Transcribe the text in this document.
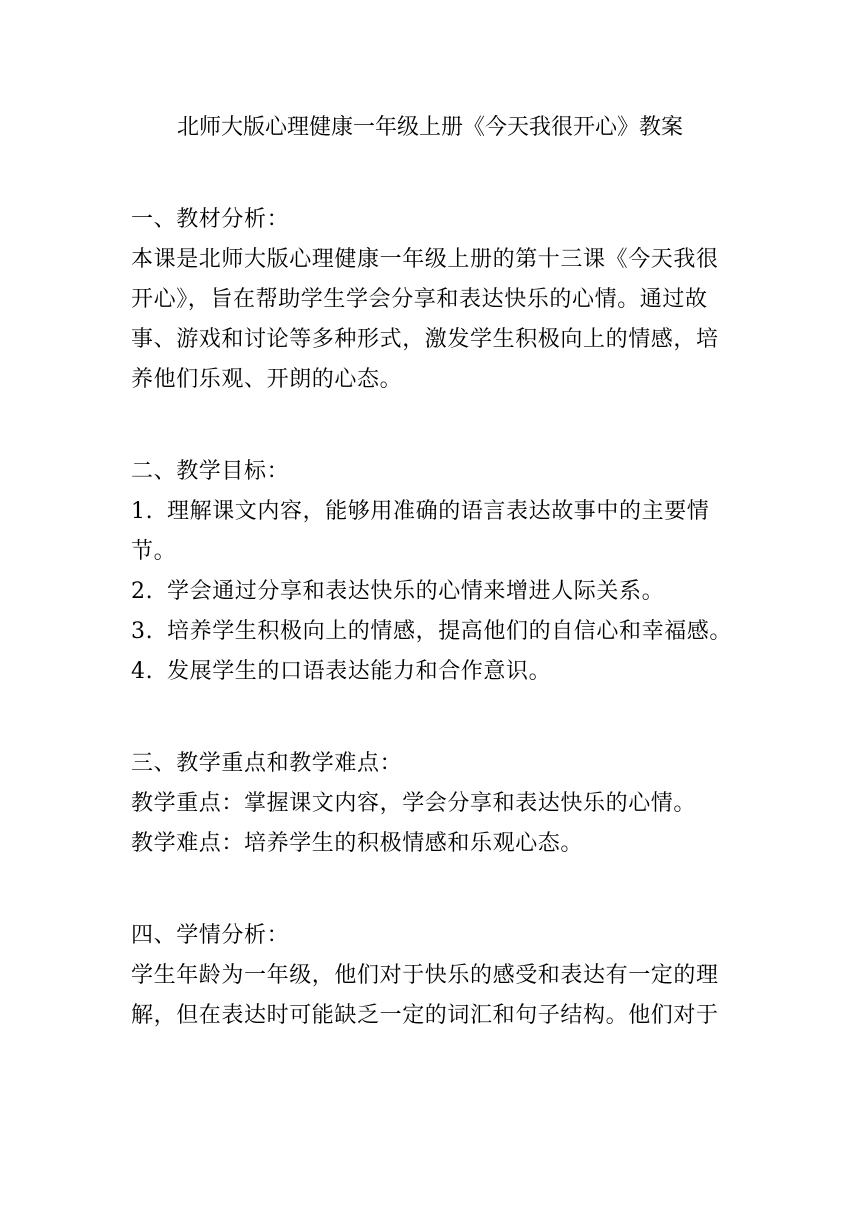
北师大版心理健康一年级上册《今天我很开心》教案

一、教材分析：

本课是北师大版心理健康一年级上册的第十三课《今天我很开心》，旨在帮助学生学会分享和表达快乐的心情。通过故事、游戏和讨论等多种形式，激发学生积极向上的情感，培养他们乐观、开朗的心态。

二、教学目标：

1. 理解课文内容，能够用准确的语言表达故事中的主要情节。

2. 学会通过分享和表达快乐的心情来增进人际关系。

3. 培养学生积极向上的情感，提高他们的自信心和幸福感。

4. 发展学生的口语表达能力和合作意识。

三、教学重点和教学难点：

教学重点：掌握课文内容，学会分享和表达快乐的心情。

教学难点：培养学生的积极情感和乐观心态。

四、学情分析：

学生年龄为一年级，他们对于快乐的感受和表达有一定的理解，但在表达时可能缺乏一定的词汇和句子结构。他们对于
